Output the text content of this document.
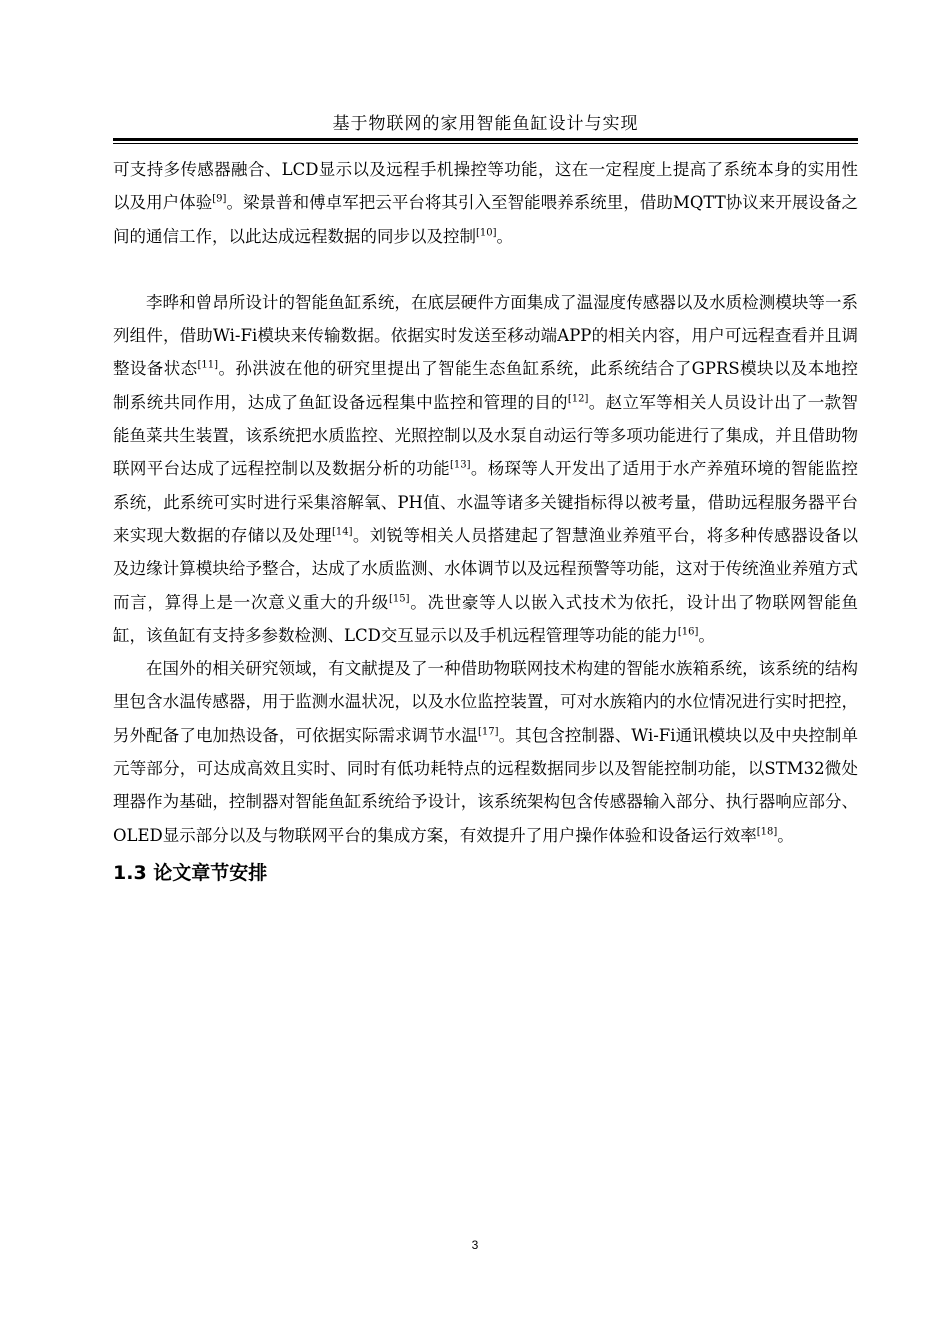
基于物联网的家用智能鱼缸设计与实现

可支持多传感器融合、LCD显示以及远程手机操控等功能，这在一定程度上提高了系统本身的实用性以及用户体验[9]。梁景普和傅卓军把云平台将其引入至智能喂养系统里，借助MQTT协议来开展设备之间的通信工作，以此达成远程数据的同步以及控制[10]。

李晔和曾昂所设计的智能鱼缸系统，在底层硬件方面集成了温湿度传感器以及水质检测模块等一系列组件，借助Wi-Fi模块来传输数据。依据实时发送至移动端APP的相关内容，用户可远程查看并且调整设备状态[11]。孙洪波在他的研究里提出了智能生态鱼缸系统，此系统结合了GPRS模块以及本地控制系统共同作用，达成了鱼缸设备远程集中监控和管理的目的[12]。赵立军等相关人员设计出了一款智能鱼菜共生装置，该系统把水质监控、光照控制以及水泵自动运行等多项功能进行了集成，并且借助物联网平台达成了远程控制以及数据分析的功能[13]。杨琛等人开发出了适用于水产养殖环境的智能监控系统，此系统可实时进行采集溶解氧、PH值、水温等诸多关键指标得以被考量，借助远程服务器平台来实现大数据的存储以及处理[14]。刘锐等相关人员搭建起了智慧渔业养殖平台，将多种传感器设备以及边缘计算模块给予整合，达成了水质监测、水体调节以及远程预警等功能，这对于传统渔业养殖方式而言，算得上是一次意义重大的升级[15]。冼世豪等人以嵌入式技术为依托，设计出了物联网智能鱼缸，该鱼缸有支持多参数检测、LCD交互显示以及手机远程管理等功能的能力[16]。

在国外的相关研究领域，有文献提及了一种借助物联网技术构建的智能水族箱系统，该系统的结构里包含水温传感器，用于监测水温状况，以及水位监控装置，可对水族箱内的水位情况进行实时把控，另外配备了电加热设备，可依据实际需求调节水温[17]。其包含控制器、Wi-Fi通讯模块以及中央控制单元等部分，可达成高效且实时、同时有低功耗特点的远程数据同步以及智能控制功能，以STM32微处理器作为基础，控制器对智能鱼缸系统给予设计，该系统架构包含传感器输入部分、执行器响应部分、OLED显示部分以及与物联网平台的集成方案，有效提升了用户操作体验和设备运行效率[18]。

1.3 论文章节安排
3
